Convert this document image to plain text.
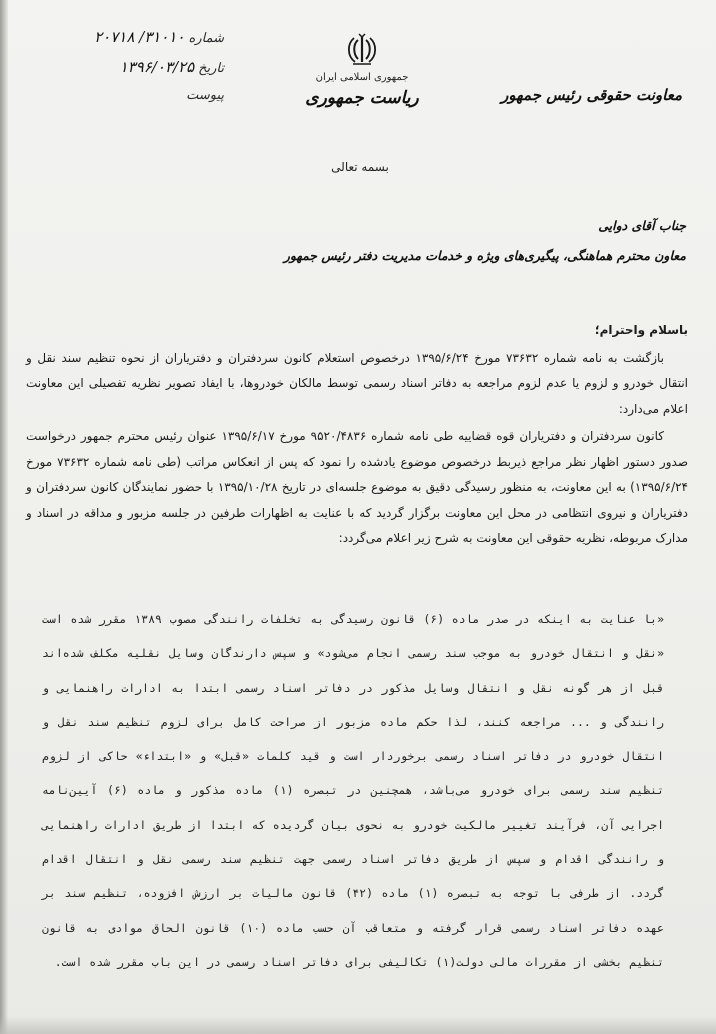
شماره
۳۱۰۱۰/ ۲۰۷۱۸
تاریخ
۱۳۹۶/۰۳/۲۵
پیوست
جمهوری اسلامی ایران
ریاست جمهوری	معاونت حقوقی رئیس جمهور
بسمه تعالی
جناب آقای دوایی
معاون محترم هماهنگی، پیگیری‌های ویژه و خدمات مدیریت دفتر رئیس جمهور
باسلام واحترام؛
بازگشت به نامه شماره ۷۳۶۳۲ مورخ ۱۳۹۵/۶/۲۴ درخصوص استعلام کانون سردفتران و دفتریاران از نحوه تنظیم سند نقل و انتقال خودرو و لزوم یا عدم لزوم مراجعه به دفاتر اسناد رسمی توسط مالکان خودروها، با ایفاد تصویر نظریه تفصیلی این معاونت اعلام می‌دارد:
کانون سردفتران و دفتریاران قوه قضاییه طی نامه شماره ۹۵۲۰/۴۸۳۶ مورخ ۱۳۹۵/۶/۱۷ عنوان رئیس محترم جمهور درخواست صدور دستور اظهار نظر مراجع ذیربط درخصوص موضوع یادشده را نمود که پس از انعکاس مراتب (طی نامه شماره ۷۳۶۳۲ مورخ ۱۳۹۵/۶/۲۴) به این معاونت، به منظور رسیدگی دقیق به موضوع جلسه‌ای در تاریخ ۱۳۹۵/۱۰/۲۸ با حضور نمایندگان کانون سردفتران و دفتریاران و نیروی انتظامی در محل این معاونت برگزار گردید که با عنایت به اظهارات طرفین در جلسه مزبور و مداقه در اسناد و مدارک مربوطه، نظریه حقوقی این معاونت به شرح زیر اعلام می‌گردد:
«با عنایت به اینکه در صدر ماده (۶) قانون رسیدگی به تخلفات رانندگی مصوب ۱۳۸۹ مقرر شده است «نقل و انتقال خودرو به موجب سند رسمی انجام می‌شود» و سپس دارندگان وسایل نقلیه مکلف شده‌اند قبل از هر گونه نقل و انتقال وسایل مذکور در دفاتر اسناد رسمی ابتدا به ادارات راهنمایی و رانندگی و ... مراجعه کنند، لذا حکم ماده مزبور از صراحت کامل برای لزوم تنظیم سند نقل و انتقال خودرو در دفاتر اسناد رسمی برخوردار است و قید کلمات «قبل» و «ابتداء» حاکی از لزوم تنظیم سند رسمی برای خودرو می‌باشد، همچنین در تبصره (۱) ماده مذکور و ماده (۶) آیین‌نامه اجرایی آن، فرآیند تغییر مالکیت خودرو به نحوی بیان گردیده که ابتدا از طریق ادارات راهنمایی و رانندگی اقدام و سپس از طریق دفاتر اسناد رسمی جهت تنظیم سند رسمی نقل و انتقال اقدام گردد. از طرفی با توجه به تبصره (۱) ماده (۴۲) قانون مالیات بر ارزش افزوده، تنظیم سند بر عهده دفاتر اسناد رسمی قرار گرفته و متعاقب آن حسب ماده (۱۰) قانون الحاق موادی به قانون تنظیم بخشی از مقررات مالی دولت(۱) تکالیفی برای دفاتر اسناد رسمی در این باب مقرر شده است.
